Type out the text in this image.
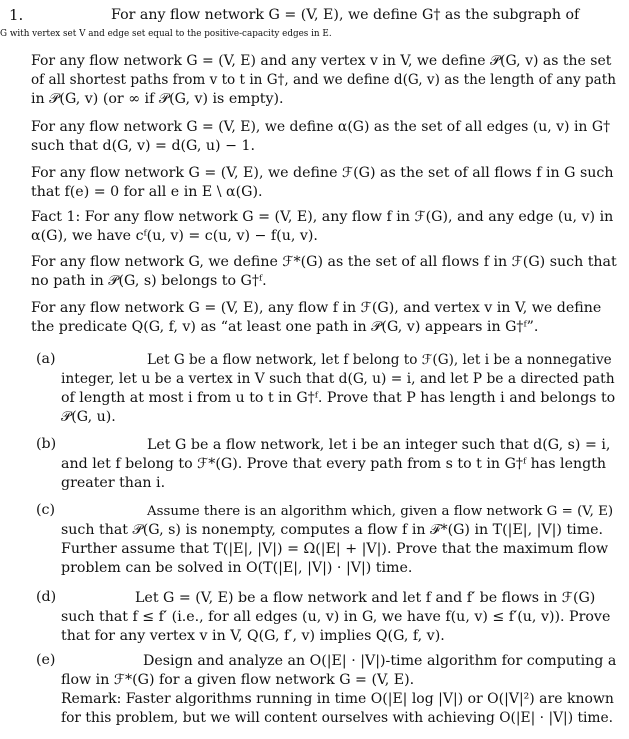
1.	For any flow network G = (V, E), we define G† as the subgraph of
G with vertex set V and edge set equal to the positive-capacity edges in E.
For any flow network G = (V, E) and any vertex v in V, we define 𝒫(G, v) as the set
of all shortest paths from v to t in G†, and we define d(G, v) as the length of any path
in 𝒫(G, v) (or ∞ if 𝒫(G, v) is empty).
For any flow network G = (V, E), we define α(G) as the set of all edges (u, v) in G†
such that d(G, v) = d(G, u) − 1.
For any flow network G = (V, E), we define ℱ(G) as the set of all flows f in G such
that f(e) = 0 for all e in E \ α(G).
Fact 1: For any flow network G = (V, E), any flow f in ℱ(G), and any edge (u, v) in
α(G), we have cᶠ(u, v) = c(u, v) − f(u, v).
For any flow network G, we define ℱ*(G) as the set of all flows f in ℱ(G) such that
no path in 𝒫(G, s) belongs to G†ᶠ.
For any flow network G = (V, E), any flow f in ℱ(G), and vertex v in V, we define
the predicate Q(G, f, v) as “at least one path in 𝒫(G, v) appears in G†ᶠ”.
(a)	Let G be a flow network, let f belong to ℱ(G), let i be a nonnegative
integer, let u be a vertex in V such that d(G, u) = i, and let P be a directed path
of length at most i from u to t in G†ᶠ. Prove that P has length i and belongs to
𝒫(G, u).
(b)	Let G be a flow network, let i be an integer such that d(G, s) = i,
and let f belong to ℱ*(G). Prove that every path from s to t in G†ᶠ has length
greater than i.
(c)	Assume there is an algorithm which, given a flow network G = (V, E)
such that 𝒫(G, s) is nonempty, computes a flow f in ℱ*(G) in T(|E|, |V|) time.
Further assume that T(|E|, |V|) = Ω(|E| + |V|). Prove that the maximum flow
problem can be solved in O(T(|E|, |V|) · |V|) time.
(d)	Let G = (V, E) be a flow network and let f and f′ be flows in ℱ(G)
such that f ≤ f′ (i.e., for all edges (u, v) in G, we have f(u, v) ≤ f′(u, v)). Prove
that for any vertex v in V, Q(G, f′, v) implies Q(G, f, v).
(e)	Design and analyze an O(|E| · |V|)-time algorithm for computing a
flow in ℱ*(G) for a given flow network G = (V, E).
Remark: Faster algorithms running in time O(|E| log |V|) or O(|V|²) are known
for this problem, but we will content ourselves with achieving O(|E| · |V|) time.
